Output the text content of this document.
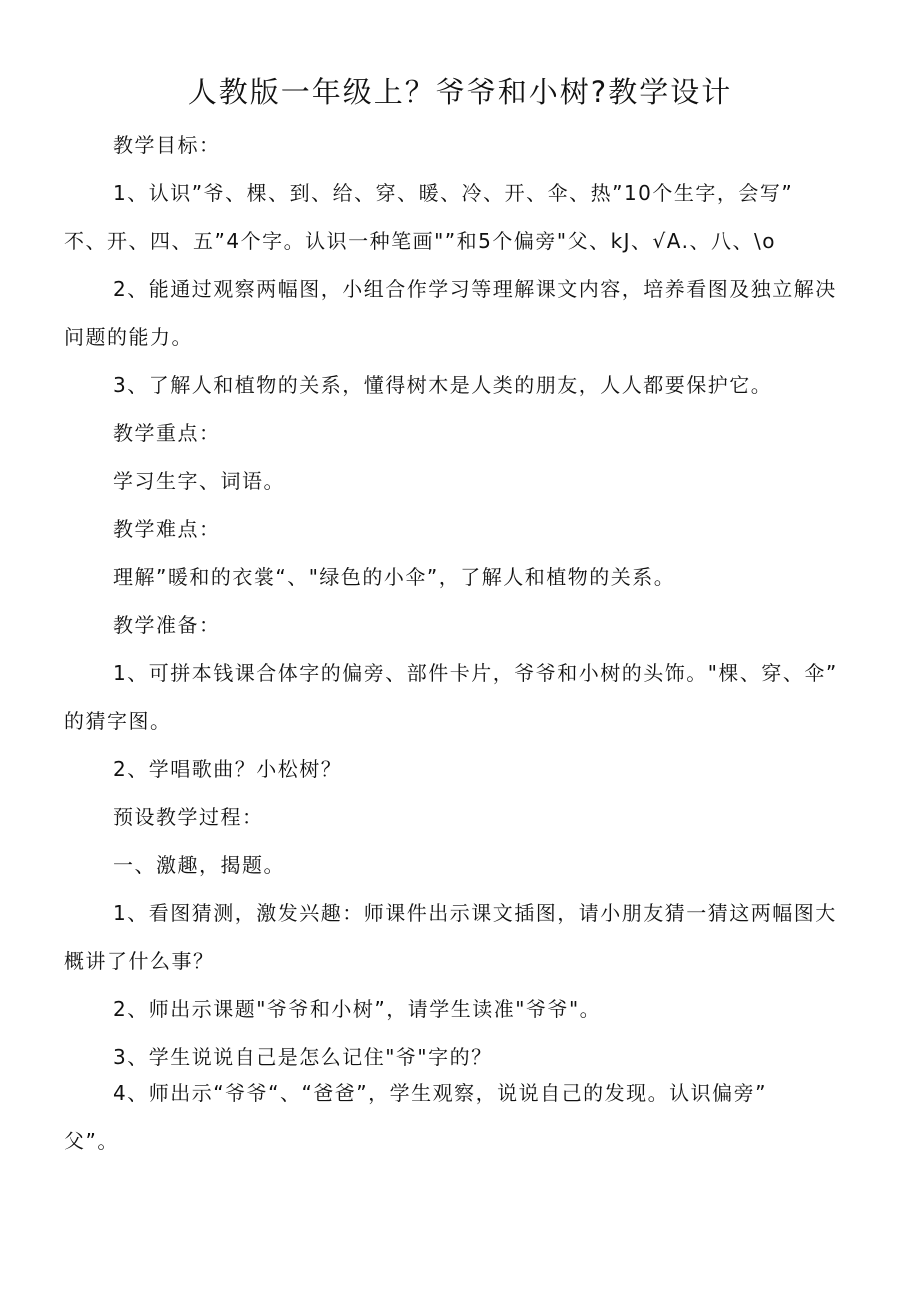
人教版一年级上？爷爷和小树?教学设计
教学目标：
1、认识”爷、棵、到、给、穿、暖、冷、开、伞、热”10个生字，会写”
不、开、四、五”4个字。认识一种笔画"”和5个偏旁"父、kJ、√A.、八、\o
2、能通过观察两幅图，小组合作学习等理解课文内容，培养看图及独立解决
问题的能力。
3、了解人和植物的关系，懂得树木是人类的朋友，人人都要保护它。
教学重点：
学习生字、词语。
教学难点：
理解”暖和的衣裳“、"绿色的小伞”，了解人和植物的关系。
教学准备：
1、可拼本钱课合体字的偏旁、部件卡片，爷爷和小树的头饰。"棵、穿、伞”
的猜字图。
2、学唱歌曲？小松树？
预设教学过程：
一、激趣，揭题。
1、看图猜测，激发兴趣：师课件出示课文插图，请小朋友猜一猜这两幅图大
概讲了什么事？
2、师出示课题"爷爷和小树”，请学生读准"爷爷"。
3、学生说说自己是怎么记住"爷"字的？
4、师出示“爷爷“、“爸爸”，学生观察，说说自己的发现。认识偏旁”
父”。
